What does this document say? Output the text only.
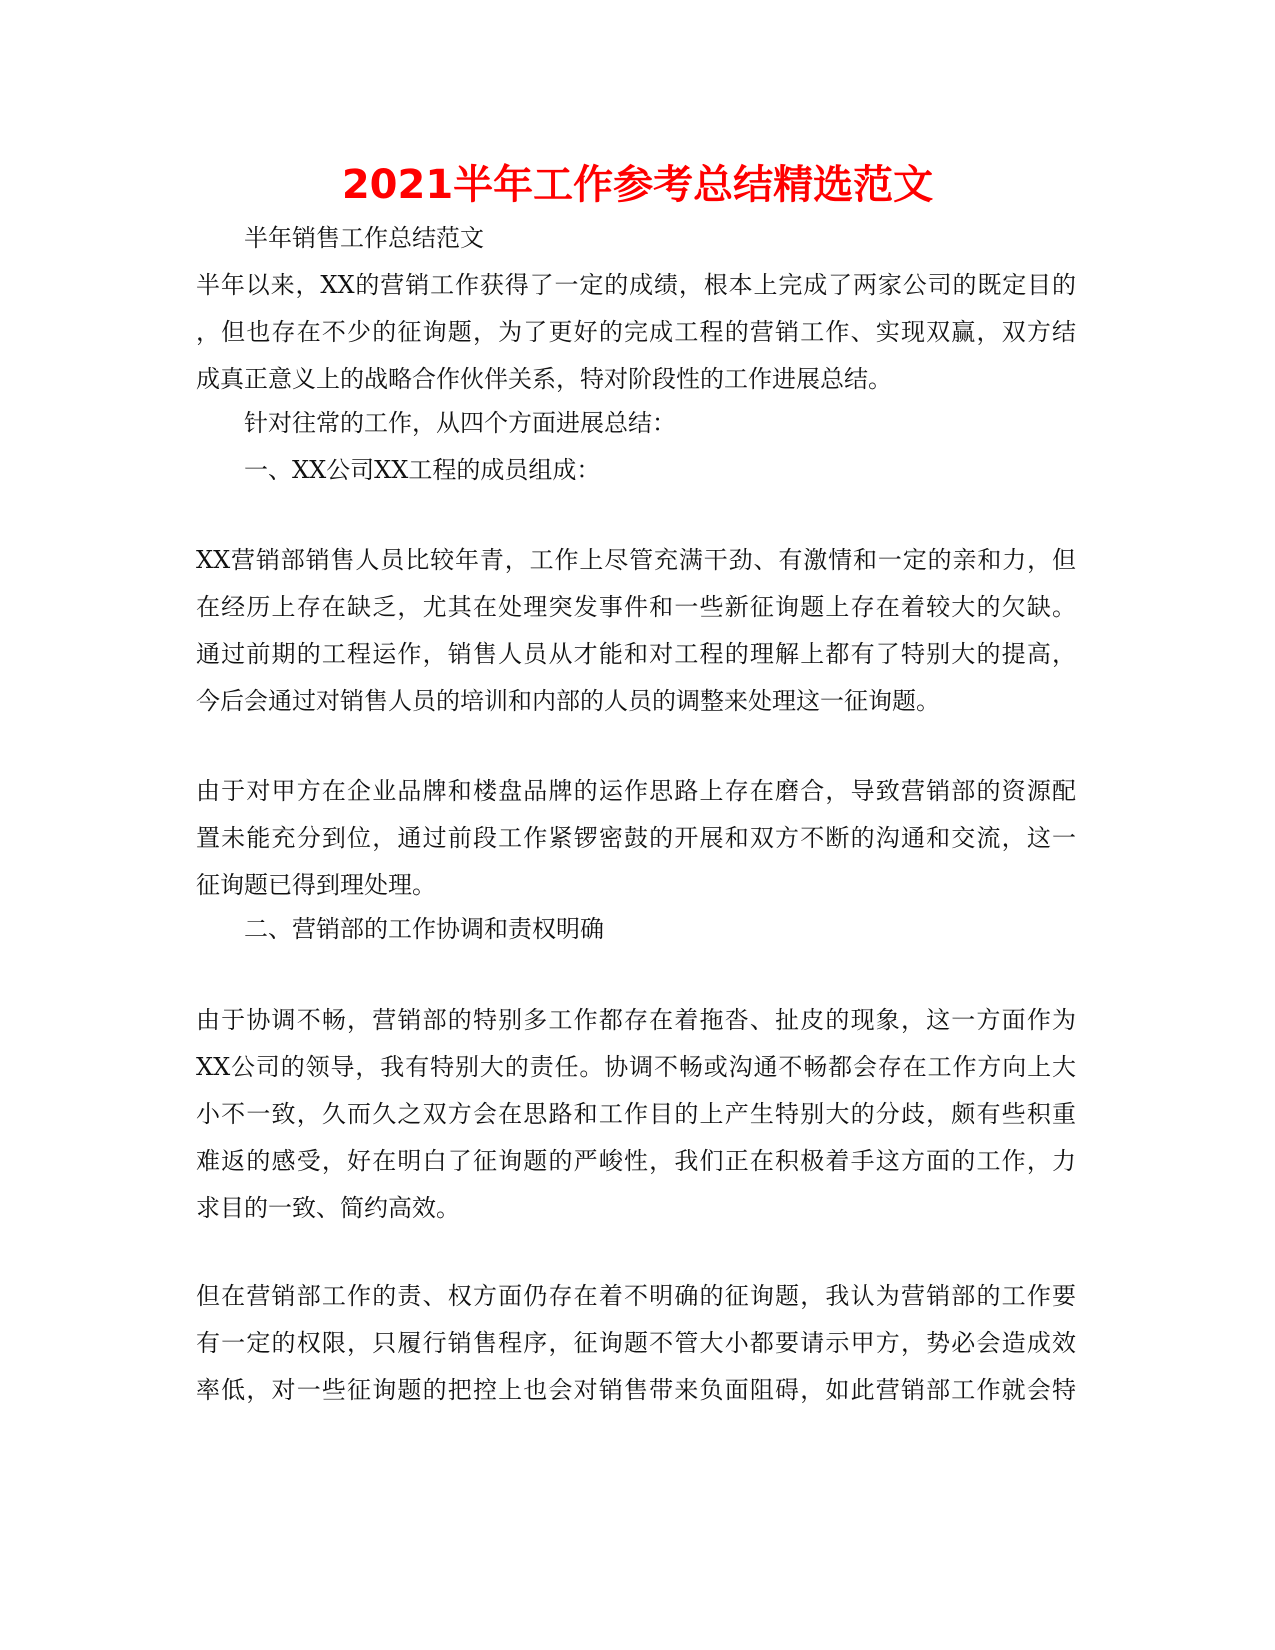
2021半年工作参考总结精选范文

半年销售工作总结范文

半年以来，XX的营销工作获得了一定的成绩，根本上完成了两家公司的既定目的
，但也存在不少的征询题，为了更好的完成工程的营销工作、实现双赢，双方结
成真正意义上的战略合作伙伴关系，特对阶段性的工作进展总结。

针对往常的工作，从四个方面进展总结：

一、XX公司XX工程的成员组成：

XX营销部销售人员比较年青，工作上尽管充满干劲、有激情和一定的亲和力，但
在经历上存在缺乏，尤其在处理突发事件和一些新征询题上存在着较大的欠缺。
通过前期的工程运作，销售人员从才能和对工程的理解上都有了特别大的提高，
今后会通过对销售人员的培训和内部的人员的调整来处理这一征询题。
由于对甲方在企业品牌和楼盘品牌的运作思路上存在磨合，导致营销部的资源配
置未能充分到位，通过前段工作紧锣密鼓的开展和双方不断的沟通和交流，这一
征询题已得到理处理。

二、营销部的工作协调和责权明确

由于协调不畅，营销部的特别多工作都存在着拖沓、扯皮的现象，这一方面作为
XX公司的领导，我有特别大的责任。协调不畅或沟通不畅都会存在工作方向上大
小不一致，久而久之双方会在思路和工作目的上产生特别大的分歧，颇有些积重
难返的感受，好在明白了征询题的严峻性，我们正在积极着手这方面的工作，力
求目的一致、简约高效。
但在营销部工作的责、权方面仍存在着不明确的征询题，我认为营销部的工作要
有一定的权限，只履行销售程序，征询题不管大小都要请示甲方，势必会造成效
率低，对一些征询题的把控上也会对销售带来负面阻碍，如此营销部工作就会特
